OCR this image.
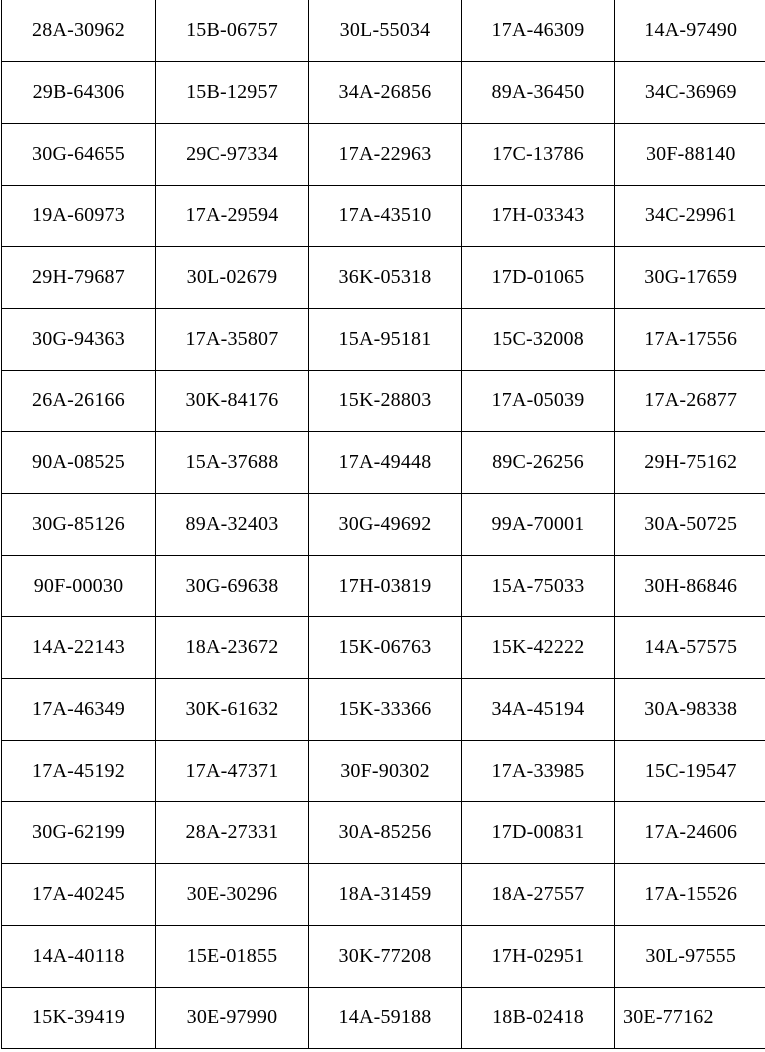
28A-30962	15B-06757	30L-55034	17A-46309	14A-97490
29B-64306	15B-12957	34A-26856	89A-36450	34C-36969
30G-64655	29C-97334	17A-22963	17C-13786	30F-88140
19A-60973	17A-29594	17A-43510	17H-03343	34C-29961
29H-79687	30L-02679	36K-05318	17D-01065	30G-17659
30G-94363	17A-35807	15A-95181	15C-32008	17A-17556
26A-26166	30K-84176	15K-28803	17A-05039	17A-26877
90A-08525	15A-37688	17A-49448	89C-26256	29H-75162
30G-85126	89A-32403	30G-49692	99A-70001	30A-50725
90F-00030	30G-69638	17H-03819	15A-75033	30H-86846
14A-22143	18A-23672	15K-06763	15K-42222	14A-57575
17A-46349	30K-61632	15K-33366	34A-45194	30A-98338
17A-45192	17A-47371	30F-90302	17A-33985	15C-19547
30G-62199	28A-27331	30A-85256	17D-00831	17A-24606
17A-40245	30E-30296	18A-31459	18A-27557	17A-15526
14A-40118	15E-01855	30K-77208	17H-02951	30L-97555
15K-39419	30E-97990	14A-59188	18B-02418	30E-77162
